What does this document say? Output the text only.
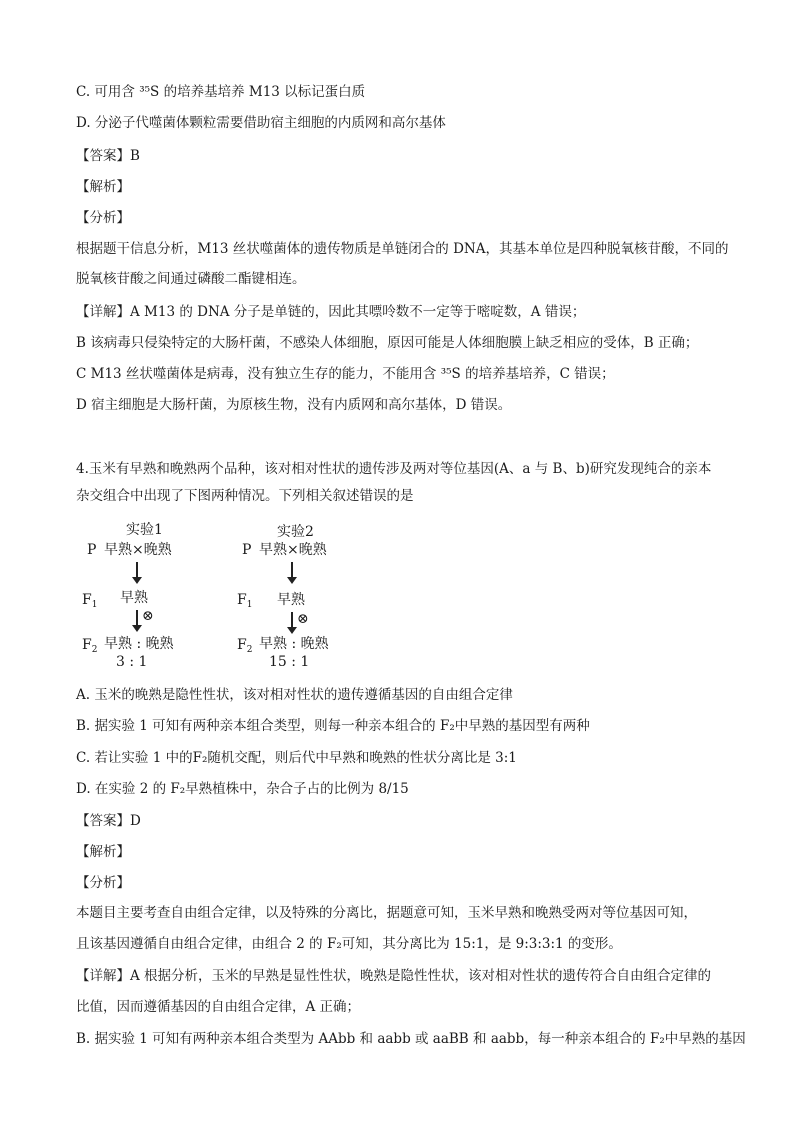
C. 可用含 ³⁵S 的培养基培养 M13 以标记蛋白质
D. 分泌子代噬菌体颗粒需要借助宿主细胞的内质网和高尔基体
【答案】B
【解析】
【分析】
根据题干信息分析，M13 丝状噬菌体的遗传物质是单链闭合的 DNA，其基本单位是四种脱氧核苷酸，不同的
脱氧核苷酸之间通过磷酸二酯键相连。
【详解】A M13 的 DNA 分子是单链的，因此其嘌呤数不一定等于嘧啶数，A 错误；
B 该病毒只侵染特定的大肠杆菌，不感染人体细胞，原因可能是人体细胞膜上缺乏相应的受体，B 正确；
C M13 丝状噬菌体是病毒，没有独立生存的能力，不能用含 ³⁵S 的培养基培养，C 错误；
D 宿主细胞是大肠杆菌，为原核生物，没有内质网和高尔基体，D 错误。
4.玉米有早熟和晚熟两个品种，该对相对性状的遗传涉及两对等位基因(A、a 与 B、b)研究发现纯合的亲本
杂交组合中出现了下图两种情况。下列相关叙述错误的是
实验1
P 早熟×晚熟
$F_1$ 早熟
⊗
$F_2$ 早熟 : 晚熟
3 : 1
实验2
P 早熟×晚熟
$F_1$ 早熟
⊗
$F_2$ 早熟 : 晚熟
15 : 1
A. 玉米的晚熟是隐性性状，该对相对性状的遗传遵循基因的自由组合定律
B. 据实验 1 可知有两种亲本组合类型，则每一种亲本组合的 F₂中早熟的基因型有两种
C. 若让实验 1 中的F₂随机交配，则后代中早熟和晚熟的性状分离比是 3:1
D. 在实验 2 的 F₂早熟植株中，杂合子占的比例为 8/15
【答案】D
【解析】
【分析】
本题目主要考查自由组合定律，以及特殊的分离比，据题意可知，玉米早熟和晚熟受两对等位基因可知，
且该基因遵循自由组合定律，由组合 2 的 F₂可知，其分离比为 15:1，是 9:3:3:1 的变形。
【详解】A 根据分析，玉米的早熟是显性性状，晚熟是隐性性状，该对相对性状的遗传符合自由组合定律的
比值，因而遵循基因的自由组合定律，A 正确；
B. 据实验 1 可知有两种亲本组合类型为 AAbb 和 aabb 或 aaBB 和 aabb，每一种亲本组合的 F₂中早熟的基因
